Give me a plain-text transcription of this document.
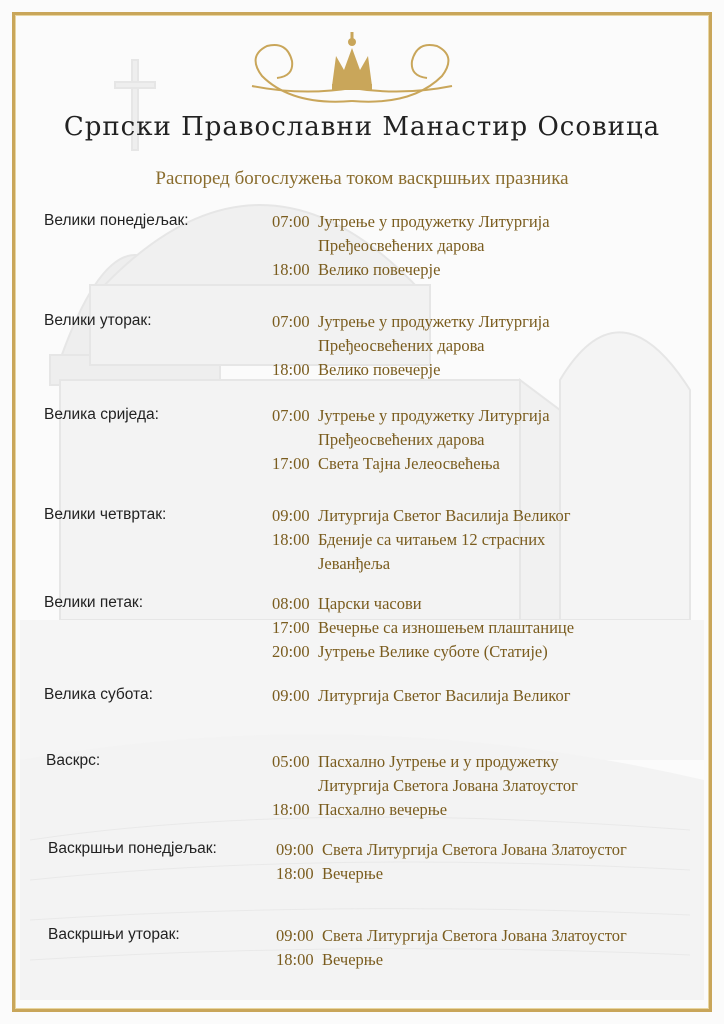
Српски Православни Манастир Осовица
Распоред богослужења током васкршњих празника
Велики понедјељак:	07:00 Јутрење у продужетку Литургија
Пређеосвећених дарова
18:00 Велико повечерје
Велики уторак:	07:00 Јутрење у продужетку Литургија
Пређеосвећених дарова
18:00 Велико повечерје
Велика сриједа:	07:00 Јутрење у продужетку Литургија
Пређеосвећених дарова
17:00 Света Тајна Јелеосвећења
Велики четвртак:	09:00 Литургија Светог Василија Великог
18:00 Бденије са читањем 12 страсних
Јеванђеља
Велики петак:	08:00 Царски часови
17:00 Вечерње са изношењем плаштанице
20:00 Јутрење Велике суботе (Статије)
Велика субота:	09:00 Литургија Светог Василија Великог
Васкрс:	05:00 Пасхално Јутрење и у продужетку
Литургија Светога Јована Златоустог
18:00 Пасхално вечерње
Васкршњи понедјељак:	09:00 Света Литургија Светога Јована Златоустог
18:00 Вечерње
Васкршњи уторак:	09:00 Света Литургија Светога Јована Златоустог
18:00 Вечерње
